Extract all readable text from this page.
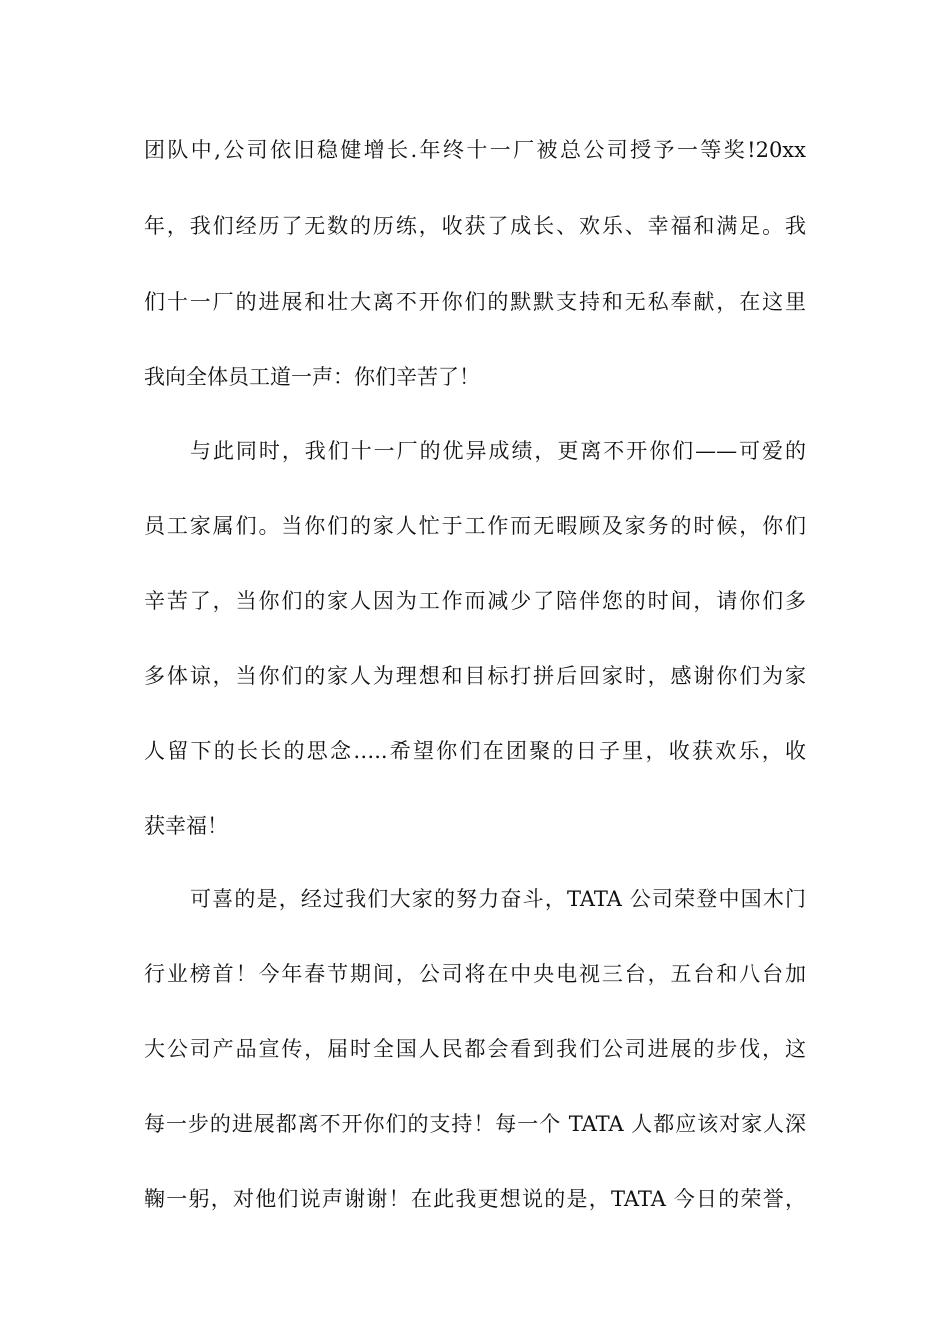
团队中,公司依旧稳健增长.年终十一厂被总公司授予一等奖!20xx
年，我们经历了无数的历练，收获了成长、欢乐、幸福和满足。我
们十一厂的进展和壮大离不开你们的默默支持和无私奉献，在这里
我向全体员工道一声：你们辛苦了！
与此同时，我们十一厂的优异成绩，更离不开你们——可爱的
员工家属们。当你们的家人忙于工作而无暇顾及家务的时候，你们
辛苦了，当你们的家人因为工作而减少了陪伴您的时间，请你们多
多体谅，当你们的家人为理想和目标打拼后回家时，感谢你们为家
人留下的长长的思念…..希望你们在团聚的日子里，收获欢乐，收
获幸福！
可喜的是，经过我们大家的努力奋斗，TATA 公司荣登中国木门
行业榜首！今年春节期间，公司将在中央电视三台，五台和八台加
大公司产品宣传，届时全国人民都会看到我们公司进展的步伐，这
每一步的进展都离不开你们的支持！每一个 TATA 人都应该对家人深
鞠一躬，对他们说声谢谢！在此我更想说的是，TATA 今日的荣誉，
